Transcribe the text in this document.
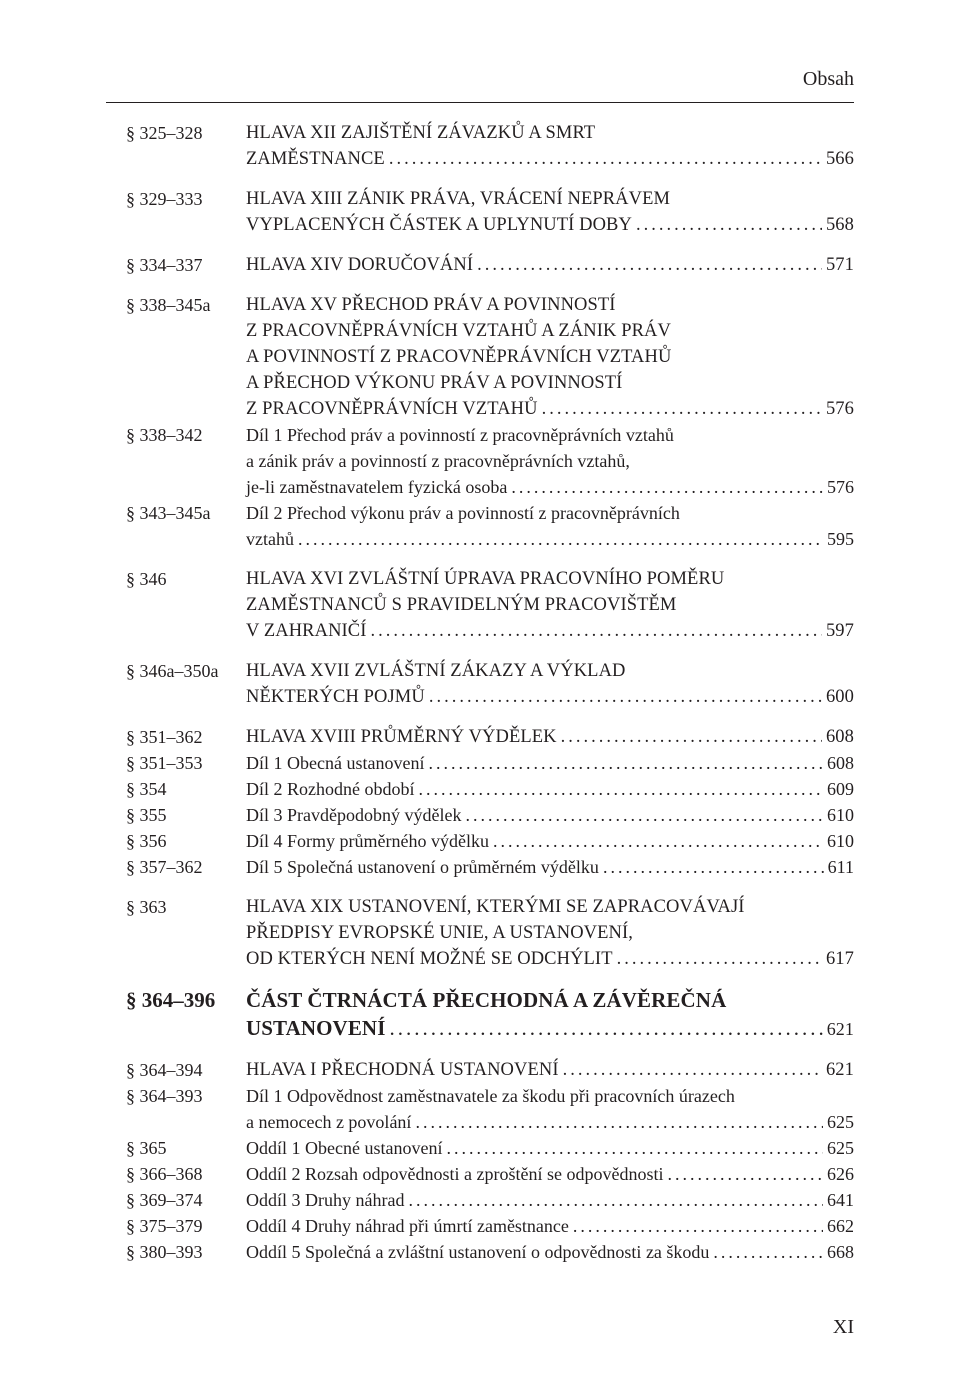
Obsah
§ 325–328	HLAVA XII ZAJIŠTĚNÍ ZÁVAZKŮ A SMRT
ZAMĚSTNANCE .....	566
§ 329–333	HLAVA XIII ZÁNIK PRÁVA, VRÁCENÍ NEPRÁVEM
VYPLACENÝCH ČÁSTEK A UPLYNUTÍ DOBY .....	568
§ 334–337	HLAVA XIV DORUČOVÁNÍ .....	571
§ 338–345a	HLAVA XV PŘECHOD PRÁV A POVINNOSTÍ
Z PRACOVNĚPRÁVNÍCH VZTAHŮ A ZÁNIK PRÁV
A POVINNOSTÍ Z PRACOVNĚPRÁVNÍCH VZTAHŮ
A PŘECHOD VÝKONU PRÁV A POVINNOSTÍ
Z PRACOVNĚPRÁVNÍCH VZTAHŮ .....	576
§ 338–342	Díl 1 Přechod práv a povinností z pracovněprávních vztahů
a zánik práv a povinností z pracovněprávních vztahů,
je-li zaměstnavatelem fyzická osoba .....	576
§ 343–345a	Díl 2 Přechod výkonu práv a povinností z pracovněprávních
vztahů .....	595
§ 346	HLAVA XVI ZVLÁŠTNÍ ÚPRAVA PRACOVNÍHO POMĚRU
ZAMĚSTNANCŮ S PRAVIDELNÝM PRACOVIŠTĚM
V ZAHRANIČÍ .....	597
§ 346a–350a	HLAVA XVII ZVLÁŠTNÍ ZÁKAZY A VÝKLAD
NĚKTERÝCH POJMŮ .....	600
§ 351–362	HLAVA XVIII PRŮMĚRNÝ VÝDĚLEK .....	608
§ 351–353	Díl 1 Obecná ustanovení .....	608
§ 354	Díl 2 Rozhodné období .....	609
§ 355	Díl 3 Pravděpodobný výdělek .....	610
§ 356	Díl 4 Formy průměrného výdělku .....	610
§ 357–362	Díl 5 Společná ustanovení o průměrném výdělku .....	611
§ 363	HLAVA XIX USTANOVENÍ, KTERÝMI SE ZAPRACOVÁVAJÍ
PŘEDPISY EVROPSKÉ UNIE, A USTANOVENÍ,
OD KTERÝCH NENÍ MOŽNÉ SE ODCHÝLIT .....	617
§ 364–396	ČÁST ČTRNÁCTÁ PŘECHODNÁ A ZÁVĚREČNÁ
USTANOVENÍ .....	621
§ 364–394	HLAVA I PŘECHODNÁ USTANOVENÍ .....	621
§ 364–393	Díl 1 Odpovědnost zaměstnavatele za škodu při pracovních úrazech
a nemocech z povolání .....	625
§ 365	Oddíl 1 Obecné ustanovení .....	625
§ 366–368	Oddíl 2 Rozsah odpovědnosti a zproštění se odpovědnosti .....	626
§ 369–374	Oddíl 3 Druhy náhrad .....	641
§ 375–379	Oddíl 4 Druhy náhrad při úmrtí zaměstnance .....	662
§ 380–393	Oddíl 5 Společná a zvláštní ustanovení o odpovědnosti za škodu .....	668
XI
